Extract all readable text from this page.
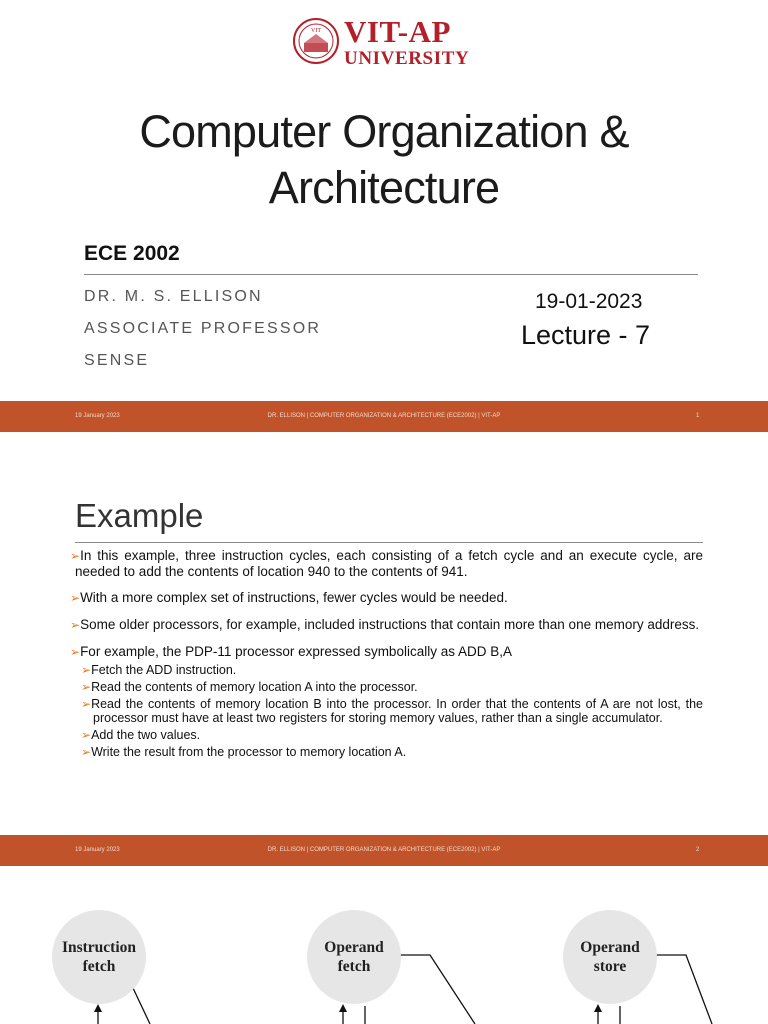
VIT VIT-AP
UNIVERSITY
Computer Organization &
Architecture
ECE 2002
DR. M. S. ELLISON
ASSOCIATE PROFESSOR
SENSE
19-01-2023
Lecture - 7
19 January 2023	DR. ELLISON | COMPUTER ORGANIZATION & ARCHITECTURE (ECE2002) | VIT-AP	1
Example

➢In this example, three instruction cycles, each consisting of a fetch cycle and an execute cycle, are needed to add the contents of location 940 to the contents of 941.

➢With a more complex set of instructions, fewer cycles would be needed.

➢Some older processors, for example, included instructions that contain more than one memory address.

➢For example, the PDP-11 processor expressed symbolically as ADD B,A

➢Fetch the ADD instruction.

➢Read the contents of memory location A into the processor.

➢Read the contents of memory location B into the processor. In order that the contents of A are not lost, the processor must have at least two registers for storing memory values, rather than a single accumulator.

➢Add the two values.

➢Write the result from the processor to memory location A.

19 January 2023	DR. ELLISON | COMPUTER ORGANIZATION & ARCHITECTURE (ECE2002) | VIT-AP	2
Instruction
fetch
Operand
fetch
Operand
store
